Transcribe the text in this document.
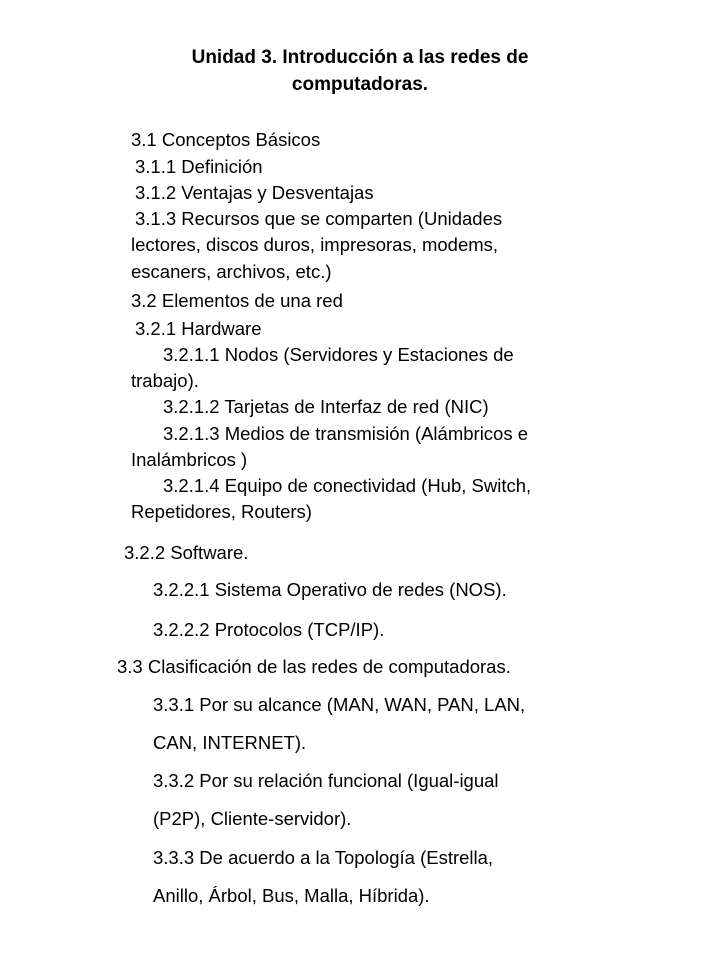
Unidad 3. Introducción a las redes de
computadoras.
3.1 Conceptos Básicos
3.1.1 Definición
3.1.2 Ventajas y Desventajas
3.1.3 Recursos que se comparten (Unidades
lectores, discos duros, impresoras, modems,
escaners, archivos, etc.)
3.2 Elementos de una red
3.2.1 Hardware
3.2.1.1 Nodos (Servidores y Estaciones de
trabajo).
3.2.1.2 Tarjetas de Interfaz de red (NIC)
3.2.1.3 Medios de transmisión (Alámbricos e
Inalámbricos )
3.2.1.4 Equipo de conectividad (Hub, Switch,
Repetidores, Routers)
3.2.2 Software.
3.2.2.1 Sistema Operativo de redes (NOS).
3.2.2.2 Protocolos (TCP/IP).
3.3 Clasificación de las redes de computadoras.
3.3.1 Por su alcance (MAN, WAN, PAN, LAN,
CAN, INTERNET).
3.3.2 Por su relación funcional (Igual-igual
(P2P), Cliente-servidor).
3.3.3 De acuerdo a la Topología (Estrella,
Anillo, Árbol, Bus, Malla, Híbrida).
